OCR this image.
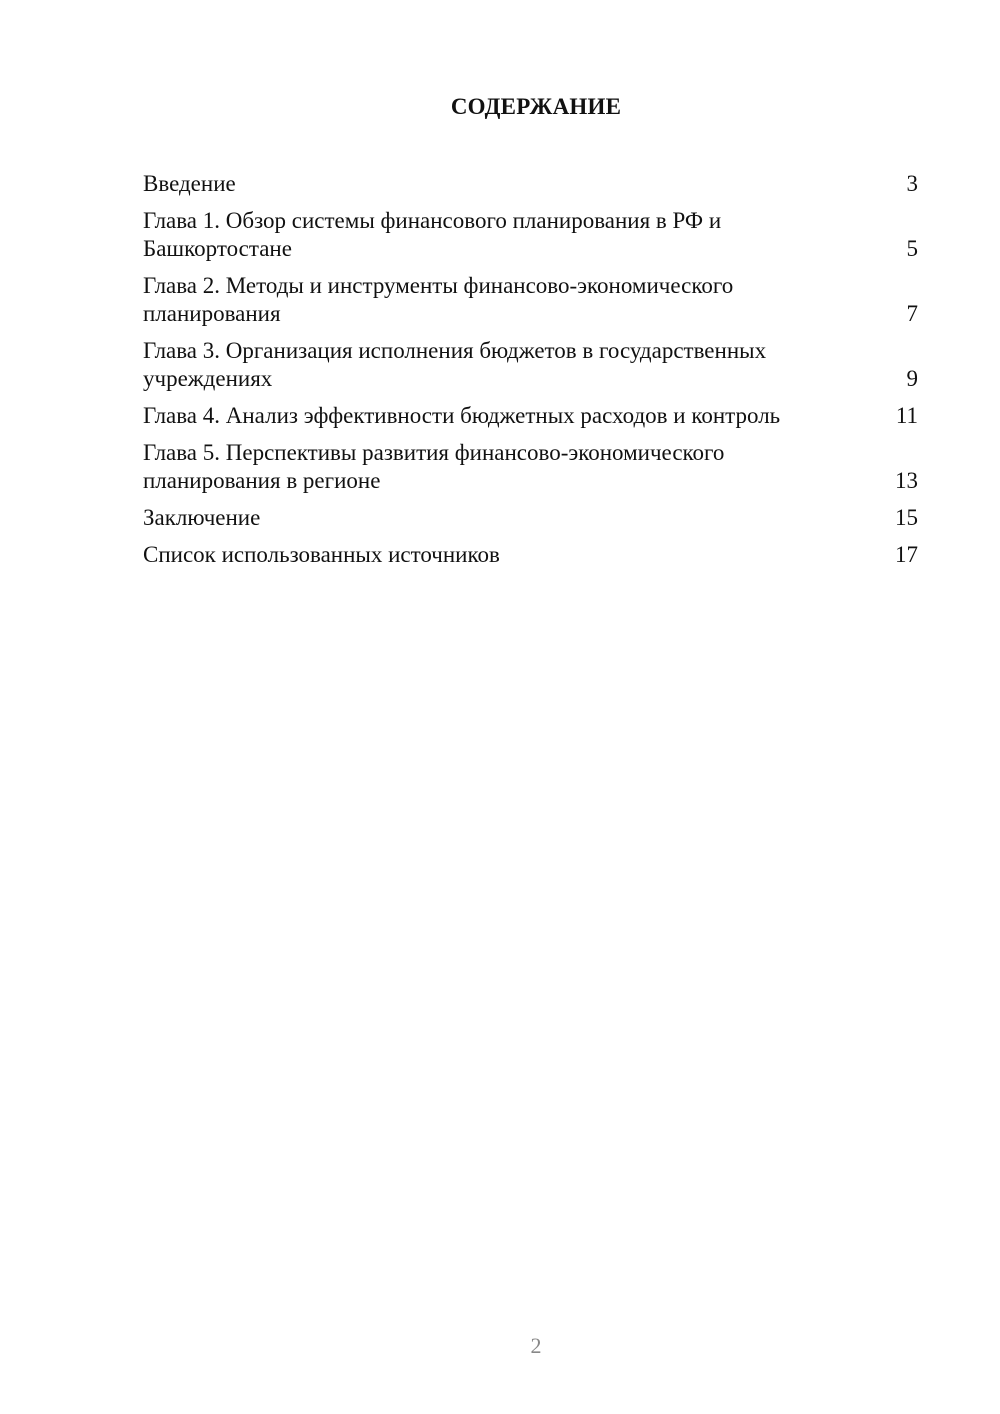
СОДЕРЖАНИЕ
Введение	3
Глава 1. Обзор системы финансового планирования в РФ и Башкортостане	5
Глава 2. Методы и инструменты финансово-экономического планирования	7
Глава 3. Организация исполнения бюджетов в государственных учреждениях	9
Глава 4. Анализ эффективности бюджетных расходов и контроль	11
Глава 5. Перспективы развития финансово-экономического планирования в регионе	13
Заключение	15
Список использованных источников	17
2
